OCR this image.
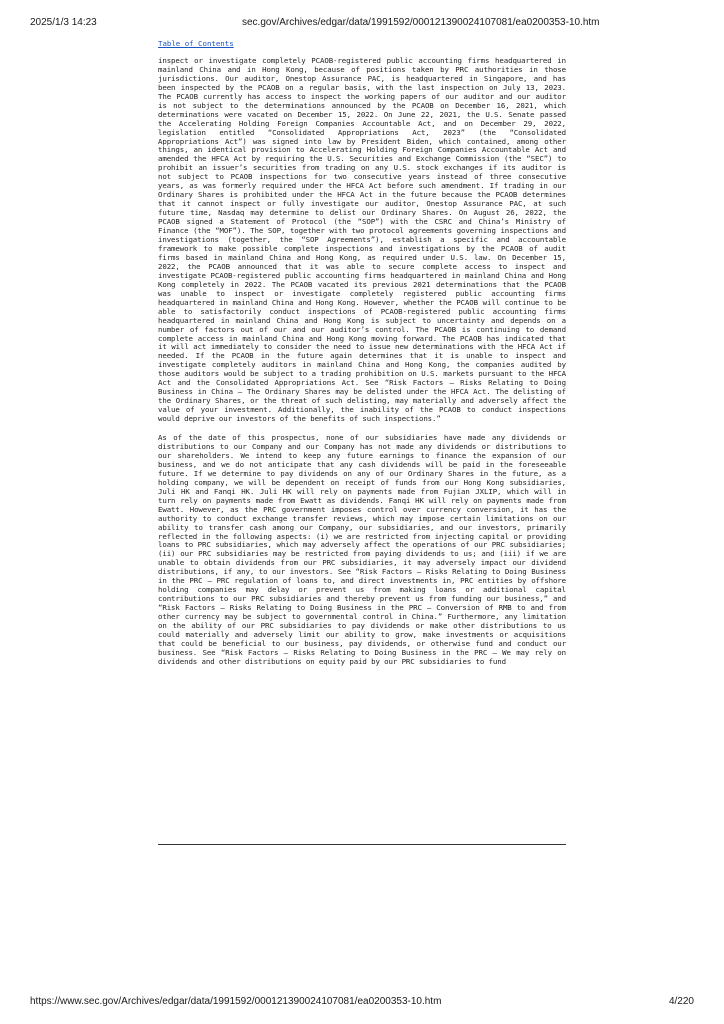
2025/1/3 14:23	sec.gov/Archives/edgar/data/1991592/000121390024107081/ea0200353-10.htm
Table of Contents

inspect or investigate completely PCAOB-registered public accounting firms headquartered in mainland China and in Hong Kong, because of positions taken by PRC authorities in those jurisdictions. Our auditor, Onestop Assurance PAC, is headquartered in Singapore, and has been inspected by the PCAOB on a regular basis, with the last inspection on July 13, 2023. The PCAOB currently has access to inspect the working papers of our auditor and our auditor is not subject to the determinations announced by the PCAOB on December 16, 2021, which determinations were vacated on December 15, 2022. On June 22, 2021, the U.S. Senate passed the Accelerating Holding Foreign Companies Accountable Act, and on December 29, 2022, legislation entitled “Consolidated Appropriations Act, 2023” (the “Consolidated Appropriations Act”) was signed into law by President Biden, which contained, among other things, an identical provision to Accelerating Holding Foreign Companies Accountable Act and amended the HFCA Act by requiring the U.S. Securities and Exchange Commission (the “SEC”) to prohibit an issuer’s securities from trading on any U.S. stock exchanges if its auditor is not subject to PCAOB inspections for two consecutive years instead of three consecutive years, as was formerly required under the HFCA Act before such amendment. If trading in our Ordinary Shares is prohibited under the HFCA Act in the future because the PCAOB determines that it cannot inspect or fully investigate our auditor, Onestop Assurance PAC, at such future time, Nasdaq may determine to delist our Ordinary Shares. On August 26, 2022, the PCAOB signed a Statement of Protocol (the “SOP”) with the CSRC and China’s Ministry of Finance (the “MOF”). The SOP, together with two protocol agreements governing inspections and investigations (together, the “SOP Agreements”), establish a specific and accountable framework to make possible complete inspections and investigations by the PCAOB of audit firms based in mainland China and Hong Kong, as required under U.S. law. On December 15, 2022, the PCAOB announced that it was able to secure complete access to inspect and investigate PCAOB-registered public accounting firms headquartered in mainland China and Hong Kong completely in 2022. The PCAOB vacated its previous 2021 determinations that the PCAOB was unable to inspect or investigate completely registered public accounting firms headquartered in mainland China and Hong Kong. However, whether the PCAOB will continue to be able to satisfactorily conduct inspections of PCAOB-registered public accounting firms headquartered in mainland China and Hong Kong is subject to uncertainty and depends on a number of factors out of our and our auditor’s control. The PCAOB is continuing to demand complete access in mainland China and Hong Kong moving forward. The PCAOB has indicated that it will act immediately to consider the need to issue new determinations with the HFCA Act if needed. If the PCAOB in the future again determines that it is unable to inspect and investigate completely auditors in mainland China and Hong Kong, the companies audited by those auditors would be subject to a trading prohibition on U.S. markets pursuant to the HFCA Act and the Consolidated Appropriations Act. See “Risk Factors — Risks Relating to Doing Business in China — The Ordinary Shares may be delisted under the HFCA Act. The delisting of the Ordinary Shares, or the threat of such delisting, may materially and adversely affect the value of your investment. Additionally, the inability of the PCAOB to conduct inspections would deprive our investors of the benefits of such inspections.”

As of the date of this prospectus, none of our subsidiaries have made any dividends or distributions to our Company and our Company has not made any dividends or distributions to our shareholders. We intend to keep any future earnings to finance the expansion of our business, and we do not anticipate that any cash dividends will be paid in the foreseeable future. If we determine to pay dividends on any of our Ordinary Shares in the future, as a holding company, we will be dependent on receipt of funds from our Hong Kong subsidiaries, Juli HK and Fanqi HK. Juli HK will rely on payments made from Fujian JXLIP, which will in turn rely on payments made from Ewatt as dividends. Fanqi HK will rely on payments made from Ewatt. However, as the PRC government imposes control over currency conversion, it has the authority to conduct exchange transfer reviews, which may impose certain limitations on our ability to transfer cash among our Company, our subsidiaries, and our investors, primarily reflected in the following aspects: (i) we are restricted from injecting capital or providing loans to PRC subsidiaries, which may adversely affect the operations of our PRC subsidiaries; (ii) our PRC subsidiaries may be restricted from paying dividends to us; and (iii) if we are unable to obtain dividends from our PRC subsidiaries, it may adversely impact our dividend distributions, if any, to our investors. See “Risk Factors — Risks Relating to Doing Business in the PRC — PRC regulation of loans to, and direct investments in, PRC entities by offshore holding companies may delay or prevent us from making loans or additional capital contributions to our PRC subsidiaries and thereby prevent us from funding our business,” and “Risk Factors — Risks Relating to Doing Business in the PRC — Conversion of RMB to and from other currency may be subject to governmental control in China.” Furthermore, any limitation on the ability of our PRC subsidiaries to pay dividends or make other distributions to us could materially and adversely limit our ability to grow, make investments or acquisitions that could be beneficial to our business, pay dividends, or otherwise fund and conduct our business. See “Risk Factors — Risks Relating to Doing Business in the PRC — We may rely on dividends and other distributions on equity paid by our PRC subsidiaries to fund

https://www.sec.gov/Archives/edgar/data/1991592/000121390024107081/ea0200353-10.htm	4/220
